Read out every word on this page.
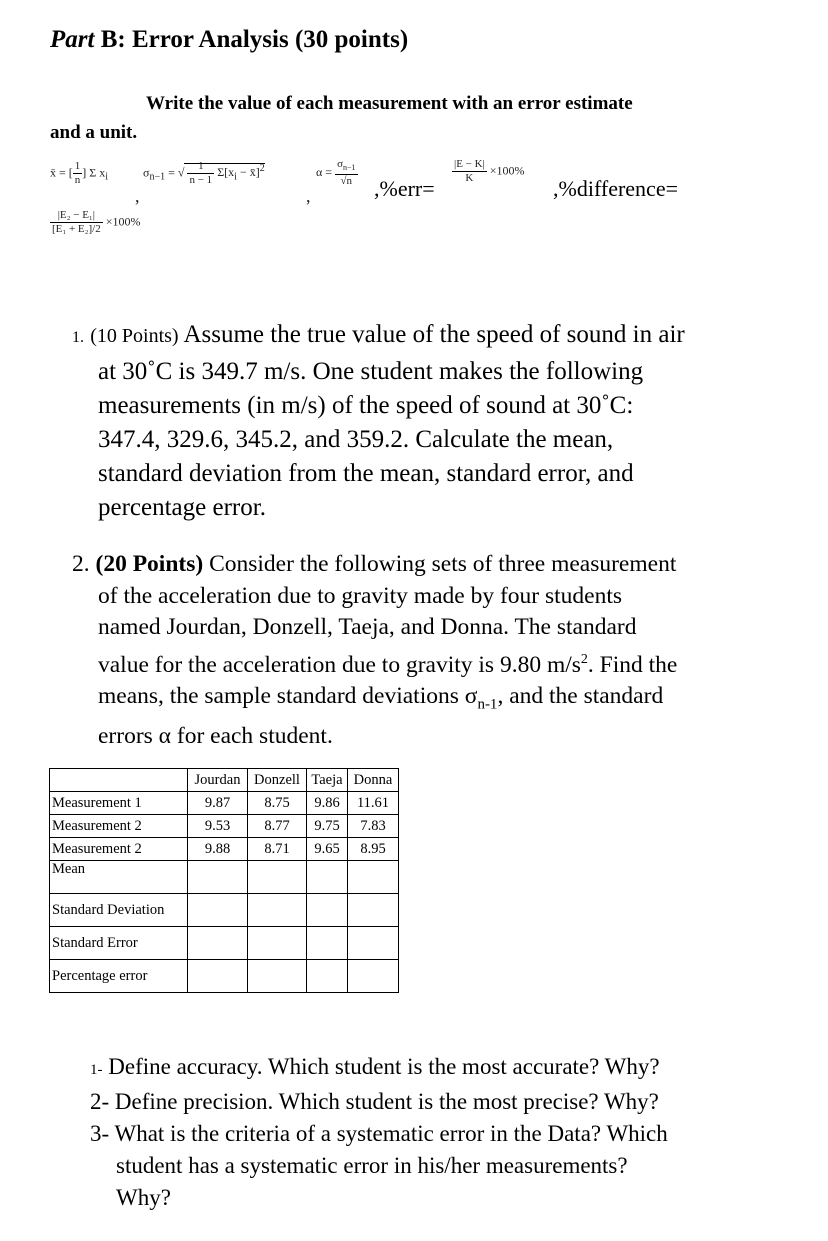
Part B: Error Analysis (30 points)
Write the value of each measurement with an error estimate
and a unit.
x̄ = [ $\frac{1}{n}$ ] Σ $x_i$
,
$\sigma_{n-1}$ = √ $\frac{1}{n - 1} \Sigma[x_i$ − x̄]$^2$
,
$\alpha = \frac{\sigma_{n-1}}{√n}$
,%err=
$\frac{|E - K|}{K} \times 100\%$
,%difference=
$\frac{\text{|E₂ − E₁|}}{\text{[E₁ + E₂]/2}} \times 100\%$
1. (10 Points) Assume the true value of the speed of sound in air
at 30˚C is 349.7 m/s. One student makes the following
measurements (in m/s) of the speed of sound at 30˚C:
347.4, 329.6, 345.2, and 359.2. Calculate the mean,
standard deviation from the mean, standard error, and
percentage error.
2. (20 Points) Consider the following sets of three measurement
of the acceleration due to gravity made by four students
named Jourdan, Donzell, Taeja, and Donna. The standard
value for the acceleration due to gravity is 9.80 $m/s^2$. Find the
means, the sample standard deviations $\sigma_{n-1}$, and the standard
errors α for each student.
	Jourdan	Donzell	Taeja	Donna
Measurement 1	9.87	8.75	9.86	11.61
Measurement 2	9.53	8.77	9.75	7.83
Measurement 2	9.88	8.71	9.65	8.95
Mean				
Standard Deviation				
Standard Error				
Percentage error				
1- Define accuracy. Which student is the most accurate? Why?
2- Define precision. Which student is the most precise? Why?
3- What is the criteria of a systematic error in the Data? Which
student has a systematic error in his/her measurements?
Why?
